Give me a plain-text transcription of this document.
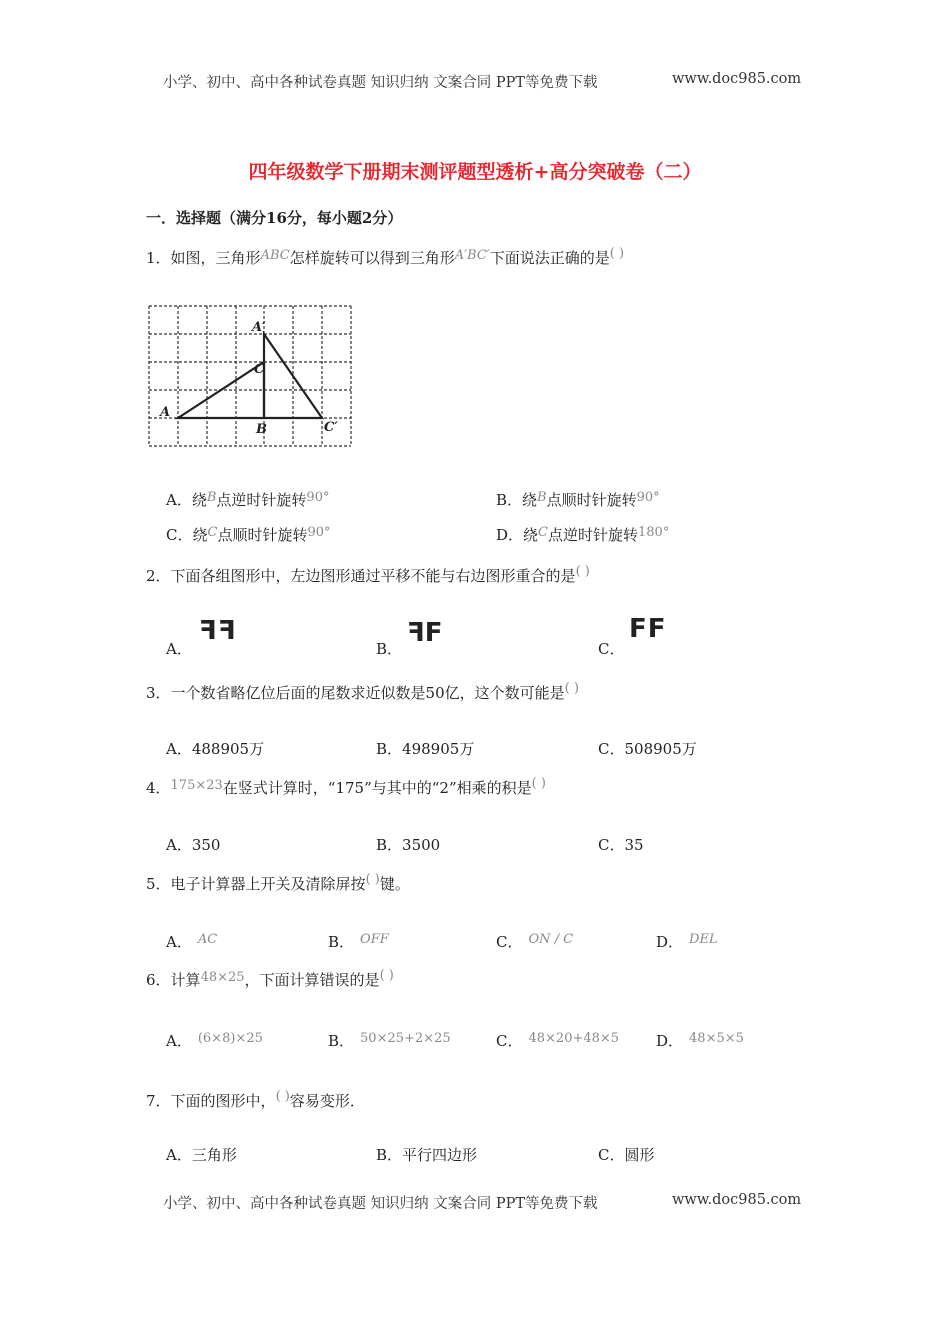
小学、初中、高中各种试卷真题 知识归纳 文案合同 PPT等免费下载	www.doc985.com
四年级数学下册期末测评题型透析+高分突破卷（二）
一．选择题（满分16分，每小题2分）
1．如图，三角形ABC怎样旋转可以得到三角形A′BC′下面说法正确的是( )
A
B
C
A′
C′
A．绕B点逆时针旋转90°	B．绕B点顺时针旋转90°
C．绕C点顺时针旋转90°	D．绕C点逆时针旋转180°
2．下面各组图形中，左边图形通过平移不能与右边图形重合的是( )
A．
FF
B．
FF
C．
FF
3．一个数省略亿位后面的尾数求近似数是50亿，这个数可能是( )
A．488905万	B．498905万	C．508905万
4．175×23在竖式计算时，“175”与其中的“2”相乘的积是( )
A．350	B．3500	C．35
5．电子计算器上开关及清除屏按( )键。
A． AC	B． OFF	C． ON / C	D． DEL
6．计算48×25，下面计算错误的是( )
A． (6×8)×25	B． 50×25+2×25	C． 48×20+48×5 D． 48×5×5
7．下面的图形中，( )容易变形．
A．三角形	B．平行四边形	C．圆形
小学、初中、高中各种试卷真题 知识归纳 文案合同 PPT等免费下载	www.doc985.com
